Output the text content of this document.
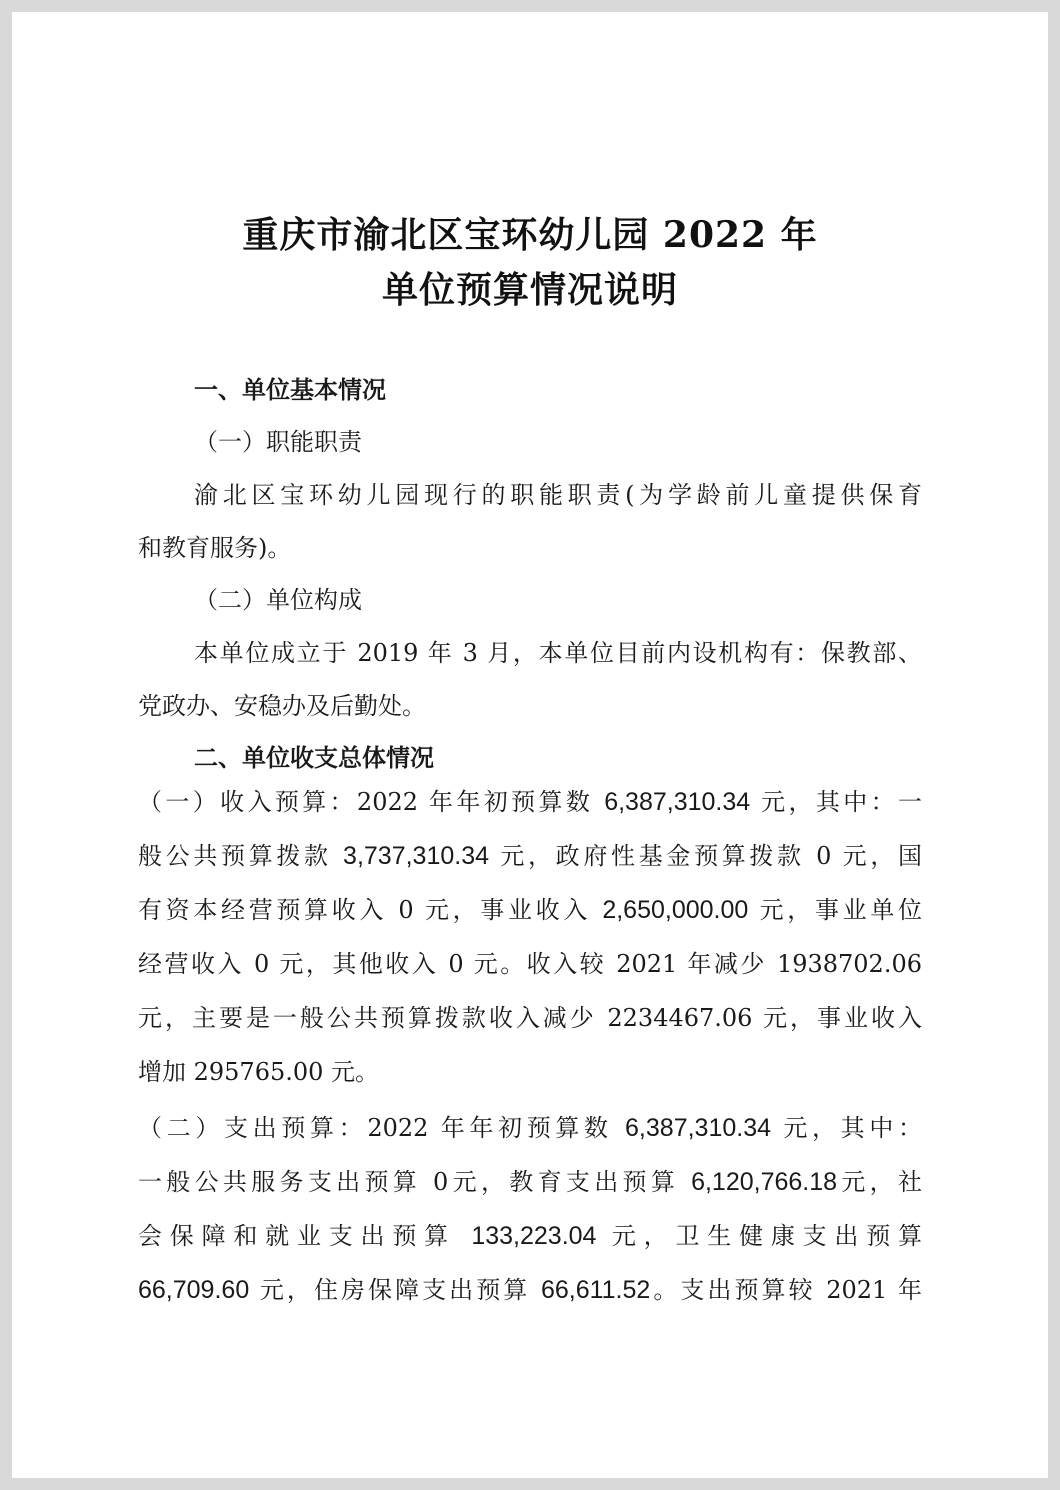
重庆市渝北区宝环幼儿园 2022 年
单位预算情况说明
一、单位基本情况
（一）职能职责
渝北区宝环幼儿园现行的职能职责(为学龄前儿童提供保育
和教育服务)。
（二）单位构成
本单位成立于 2019 年 3 月，本单位目前内设机构有：保教部、
党政办、安稳办及后勤处。
二、单位收支总体情况
（一）收入预算：2022 年年初预算数 6,387,310.34 元，其中：一
般公共预算拨款 3,737,310.34 元，政府性基金预算拨款 0 元，国
有资本经营预算收入 0 元，事业收入 2,650,000.00 元，事业单位
经营收入 0 元，其他收入 0 元。收入较 2021 年减少 1938702.06
元，主要是一般公共预算拨款收入减少 2234467.06 元，事业收入
增加 295765.00 元。
（二）支出预算：2022 年年初预算数 6,387,310.34 元，其中：
一般公共服务支出预算 0元，教育支出预算 6,120,766.18元，社
会保障和就业支出预算 133,223.04 元，卫生健康支出预算
66,709.60 元，住房保障支出预算 66,611.52。支出预算较 2021 年
